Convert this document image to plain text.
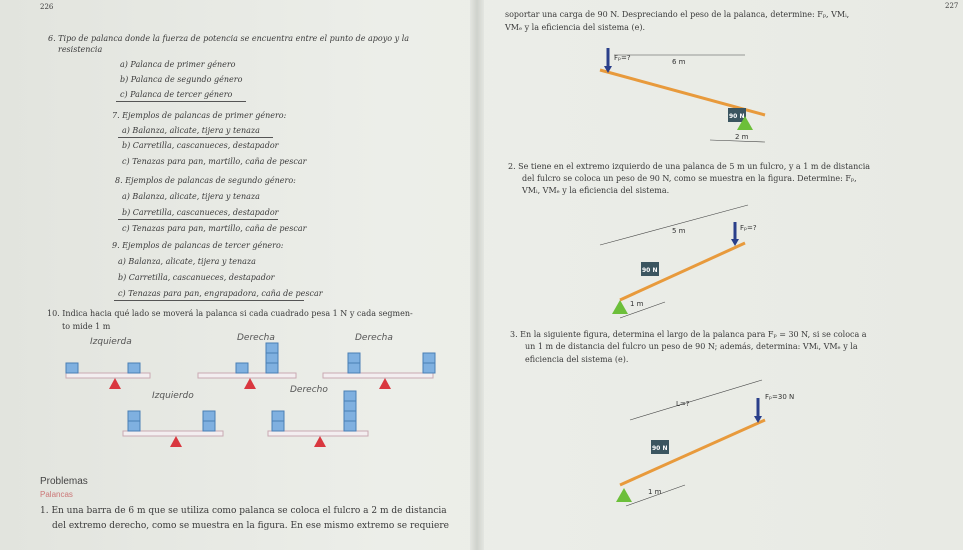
226
6. Tipo de palanca donde la fuerza de potencia se encuentra entre el punto de apoyo y la
resistencia
a) Palanca de primer género
b) Palanca de segundo género
c) Palanca de tercer género
7. Ejemplos de palancas de primer género:
a) Balanza, alicate, tijera y tenaza
b) Carretilla, cascanueces, destapador
c) Tenazas para pan, martillo, caña de pescar
8. Ejemplos de palancas de segundo género:
a) Balanza, alicate, tijera y tenaza
b) Carretilla, cascanueces, destapador
c) Tenazas para pan, martillo, caña de pescar
9. Ejemplos de palancas de tercer género:
a) Balanza, alicate, tijera y tenaza
b) Carretilla, cascanueces, destapador
c) Tenazas para pan, engrapadora, caña de pescar
10. Indica hacia qué lado se moverá la palanca si cada cuadrado pesa 1 N y cada segmen-
to mide 1 m
Izquierda	Derecha	Derecha
Izquierdo
Derecho
Problemas
Palancas
1. En una barra de 6 m que se utiliza como palanca se coloca el fulcro a 2 m de distancia
del extremo derecho, como se muestra en la figura. En ese mismo extremo se requiere
227
soportar una carga de 90 N. Despreciando el peso de la palanca, determine: Fₚ, VMᵢ,
VMₑ y la eficiencia del sistema (e).
2. Se tiene en el extremo izquierdo de una palanca de 5 m un fulcro, y a 1 m de distancia
del fulcro se coloca un peso de 90 N, como se muestra en la figura. Determine: Fₚ,
VMᵢ, VMₑ y la eficiencia del sistema.
3. En la siguiente figura, determina el largo de la palanca para Fₚ = 30 N, si se coloca a
un 1 m de distancia del fulcro un peso de 90 N; además, determina: VMᵢ, VMₑ y la
eficiencia del sistema (e).
Fₚ=?	6 m
90 N
2 m
5 m	Fₚ=?
90 N
1 m
L=?
Fₚ=30 N
90 N
1 m
